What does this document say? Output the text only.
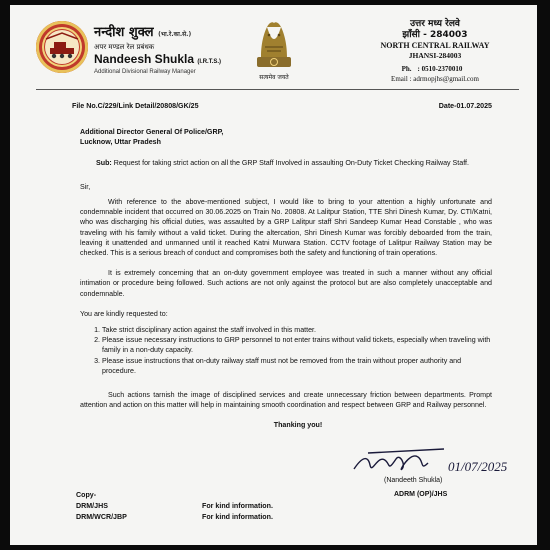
नन्दीश शुक्ल (भा.रे.का.से.)
अपर मण्डल रेल प्रबंधक
Nandeesh Shukla (I.R.T.S.)
Additional Divisional Railway Manager
सत्यमेव जयते
उत्तर मध्य रेलवे
झाँसी - 284003
NORTH CENTRAL RAILWAY
JHANSI-284003
Ph. : 0510-2370010
Email : adrmopjhs@gmail.com
File No.C/229/Link Detail/20808/GK/25	Date-01.07.2025
Additional Director General Of Police/GRP,
Lucknow, Uttar Pradesh
Sub: Request for taking strict action on all the GRP Staff Involved in assaulting On-Duty Ticket Checking Railway Staff.
Sir,
With reference to the above-mentioned subject, I would like to bring to your attention a highly unfortunate and condemnable incident that occurred on 30.06.2025 on Train No. 20808. At Lalitpur Station, TTE Shri Dinesh Kumar, Dy. CTI/Katni, who was discharging his official duties, was assaulted by a GRP Lalitpur staff Shri Sandeep Kumar Head Constable , who was traveling with his family without a valid ticket. During the altercation, Shri Dinesh Kumar was forcibly deboarded from the train, leaving it unattended and unmanned until it reached Katni Murwara Station. CCTV footage of Lalitpur Railway Station may be checked. This is a serious breach of conduct and compromises both the safety and functioning of train operations.
It is extremely concerning that an on-duty government employee was treated in such a manner without any official intimation or procedure being followed. Such actions are not only against the protocol but are also completely unacceptable and condemnable.
You are kindly requested to:
1. Take strict disciplinary action against the staff involved in this matter.
2. Please issue necessary instructions to GRP personnel to not enter trains without valid tickets, especially when traveling with family in a non-duty capacity.
3. Please issue instructions that on-duty railway staff must not be removed from the train without proper authority and procedure.
Such actions tarnish the image of disciplined services and create unnecessary friction between departments. Prompt attention and action on this matter will help in maintaining smooth coordination and respect between GRP and Railway personnel.
Thanking you!
01/07/2025
(Nandeeth Shukla)
ADRM (OP)/JHS
Copy-
DRM/JHS	For kind information.
DRM/WCR/JBP	For kind information.
